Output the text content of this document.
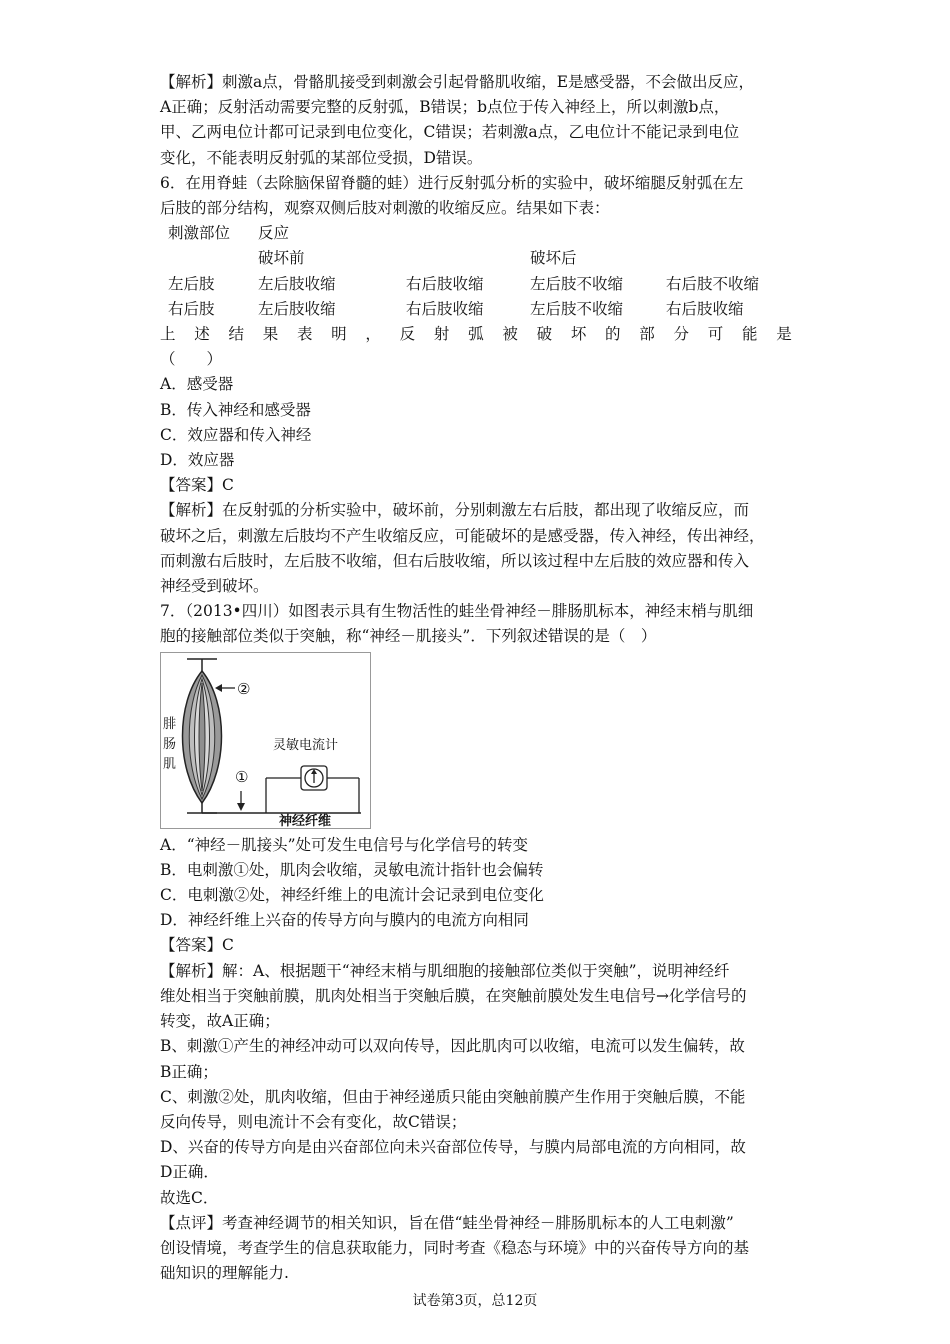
【解析】刺激a点，骨骼肌接受到刺激会引起骨骼肌收缩，E是感受器，不会做出反应，

A正确；反射活动需要完整的反射弧，B错误；b点位于传入神经上，所以刺激b点，

甲、乙两电位计都可记录到电位变化，C错误；若刺激a点，乙电位计不能记录到电位

变化，不能表明反射弧的某部位受损，D错误。

6．在用脊蛙（去除脑保留脊髓的蛙）进行反射弧分析的实验中，破坏缩腿反射弧在左

后肢的部分结构，观察双侧后肢对刺激的收缩反应。结果如下表：

刺激部位	反应
破坏前	破坏后
左后肢	左后肢收缩	右后肢收缩	左后肢不收缩	右后肢不收缩
右后肢	左后肢收缩	右后肢收缩	左后肢不收缩	右后肢收缩
上 述 结 果 表 明 ， 反 射 弧 被 破 坏 的 部 分 可 能 是

（　　）

A．感受器

B．传入神经和感受器

C．效应器和传入神经

D．效应器

【答案】C

【解析】在反射弧的分析实验中，破坏前，分别刺激左右后肢，都出现了收缩反应，而

破坏之后，刺激左后肢均不产生收缩反应，可能破坏的是感受器，传入神经，传出神经，

而刺激右后肢时，左后肢不收缩，但右后肢收缩，所以该过程中左后肢的效应器和传入

神经受到破坏。

7．（2013•四川）如图表示具有生物活性的蛙坐骨神经－腓肠肌标本，神经末梢与肌细

胞的接触部位类似于突触，称“神经－肌接头”．下列叙述错误的是（　）

②
①
腓
肠
肌
灵敏电流计
神经纤维

A．“神经－肌接头”处可发生电信号与化学信号的转变

B．电刺激①处，肌肉会收缩，灵敏电流计指针也会偏转

C．电刺激②处，神经纤维上的电流计会记录到电位变化

D．神经纤维上兴奋的传导方向与膜内的电流方向相同

【答案】C

【解析】解：A、根据题干“神经末梢与肌细胞的接触部位类似于突触”，说明神经纤

维处相当于突触前膜，肌肉处相当于突触后膜，在突触前膜处发生电信号→化学信号的

转变，故A正确；

B、刺激①产生的神经冲动可以双向传导，因此肌肉可以收缩，电流可以发生偏转，故

B正确；

C、刺激②处，肌肉收缩，但由于神经递质只能由突触前膜产生作用于突触后膜，不能

反向传导，则电流计不会有变化，故C错误；

D、兴奋的传导方向是由兴奋部位向未兴奋部位传导，与膜内局部电流的方向相同，故

D正确．

故选C．

【点评】考查神经调节的相关知识，旨在借“蛙坐骨神经－腓肠肌标本的人工电刺激”

创设情境，考查学生的信息获取能力，同时考查《稳态与环境》中的兴奋传导方向的基

础知识的理解能力.

试卷第3页，总12页
